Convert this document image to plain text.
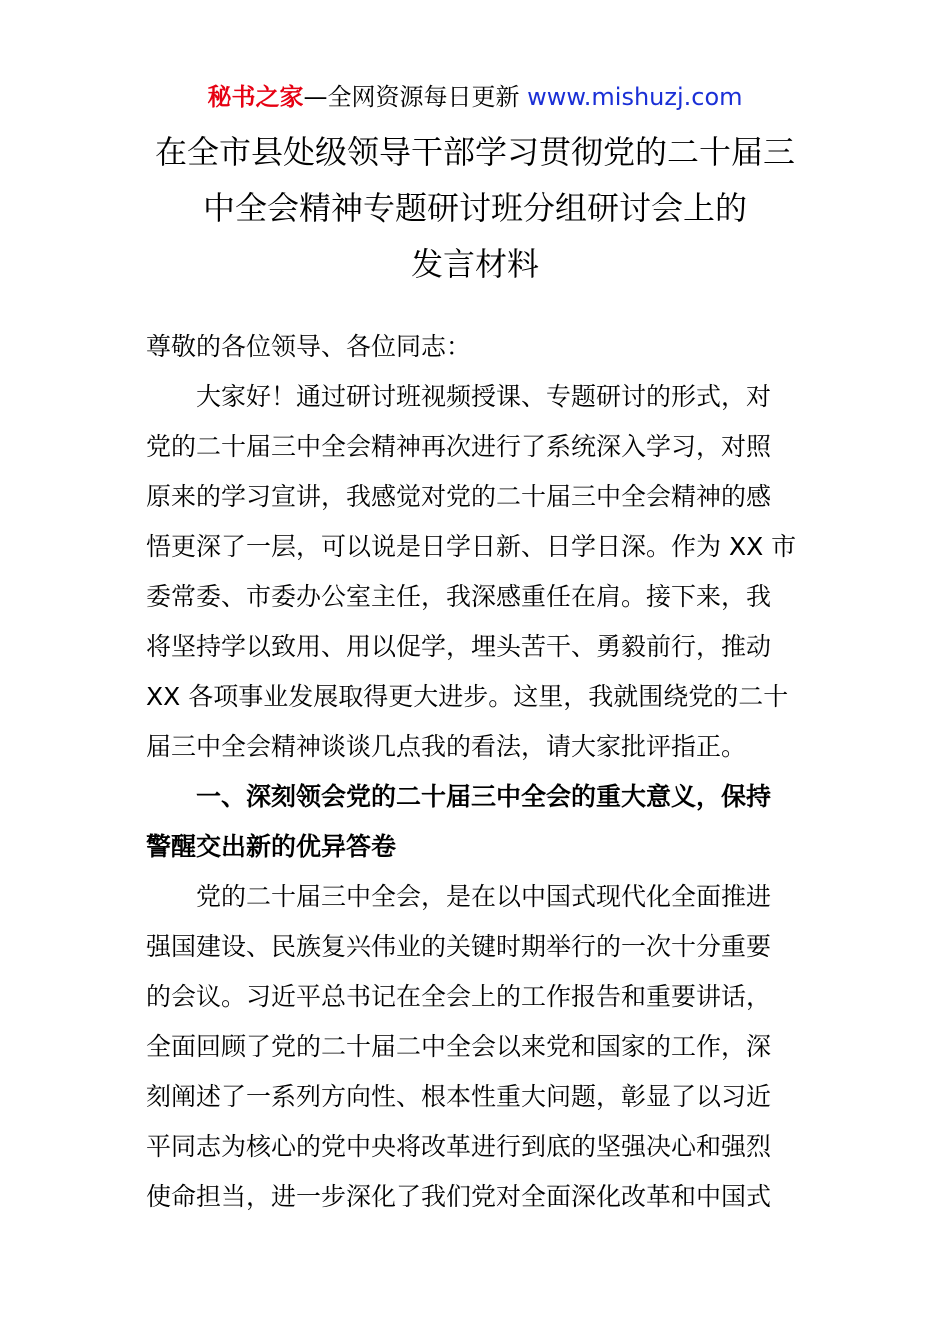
秘书之家—全网资源每日更新 www.mishuzj.com
在全市县处级领导干部学习贯彻党的二十届三
中全会精神专题研讨班分组研讨会上的
发言材料
尊敬的各位领导、各位同志：
大家好！通过研讨班视频授课、专题研讨的形式，对
党的二十届三中全会精神再次进行了系统深入学习，对照
原来的学习宣讲，我感觉对党的二十届三中全会精神的感
悟更深了一层，可以说是日学日新、日学日深。作为 XX 市
委常委、市委办公室主任，我深感重任在肩。接下来，我
将坚持学以致用、用以促学，埋头苦干、勇毅前行，推动
XX 各项事业发展取得更大进步。这里，我就围绕党的二十
届三中全会精神谈谈几点我的看法，请大家批评指正。
一、深刻领会党的二十届三中全会的重大意义，保持
警醒交出新的优异答卷
党的二十届三中全会，是在以中国式现代化全面推进
强国建设、民族复兴伟业的关键时期举行的一次十分重要
的会议。习近平总书记在全会上的工作报告和重要讲话，
全面回顾了党的二十届二中全会以来党和国家的工作，深
刻阐述了一系列方向性、根本性重大问题，彰显了以习近
平同志为核心的党中央将改革进行到底的坚强决心和强烈
使命担当，进一步深化了我们党对全面深化改革和中国式
